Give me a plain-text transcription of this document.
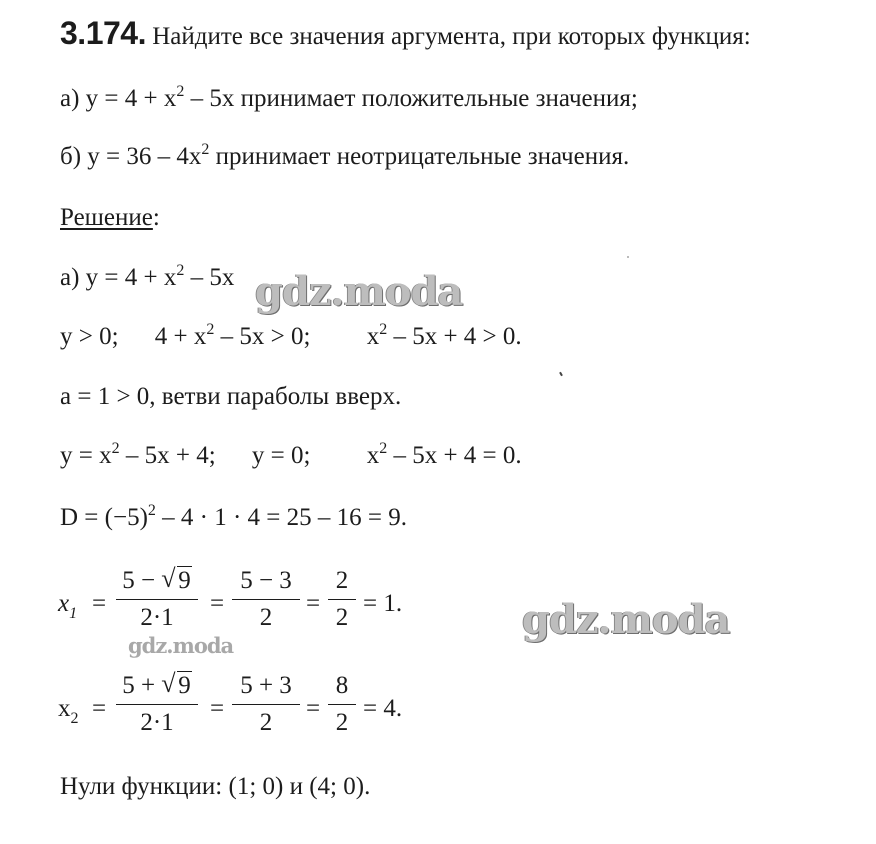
3.174. Найдите все значения аргумента, при которых функция:
а) $y = 4 + x^2 - 5x$ принимает положительные значения;
б) $y = 36 - 4x^2$ принимает неотрицательные значения.
Решение:
а) $y = 4 + x^2 - 5x$
y > 0; $4 + x^2 - 5x > 0$; $x^2 - 5x + 4 > 0$.
a = 1 > 0, ветви параболы вверх.
$y = x^2 - 5x + 4$; y = 0; $x^2 - 5x + 4 = 0$.
$D = (-5)^2 - 4 \cdot 1 \cdot 4 = 25 - 16 = 9$.
$x_1 = \frac{5 - √ 9}{2\cdot 1} = \frac{5 - 3}{2} = \frac{2}{2} = 1$.
$x_2 = \frac{5 + √ 9}{2\cdot 1} = \frac{5 + 3}{2} = \frac{8}{2} = 4$.
Нули функции: (1; 0) и (4; 0).
gdz.moda
gdz.moda
gdz.moda
